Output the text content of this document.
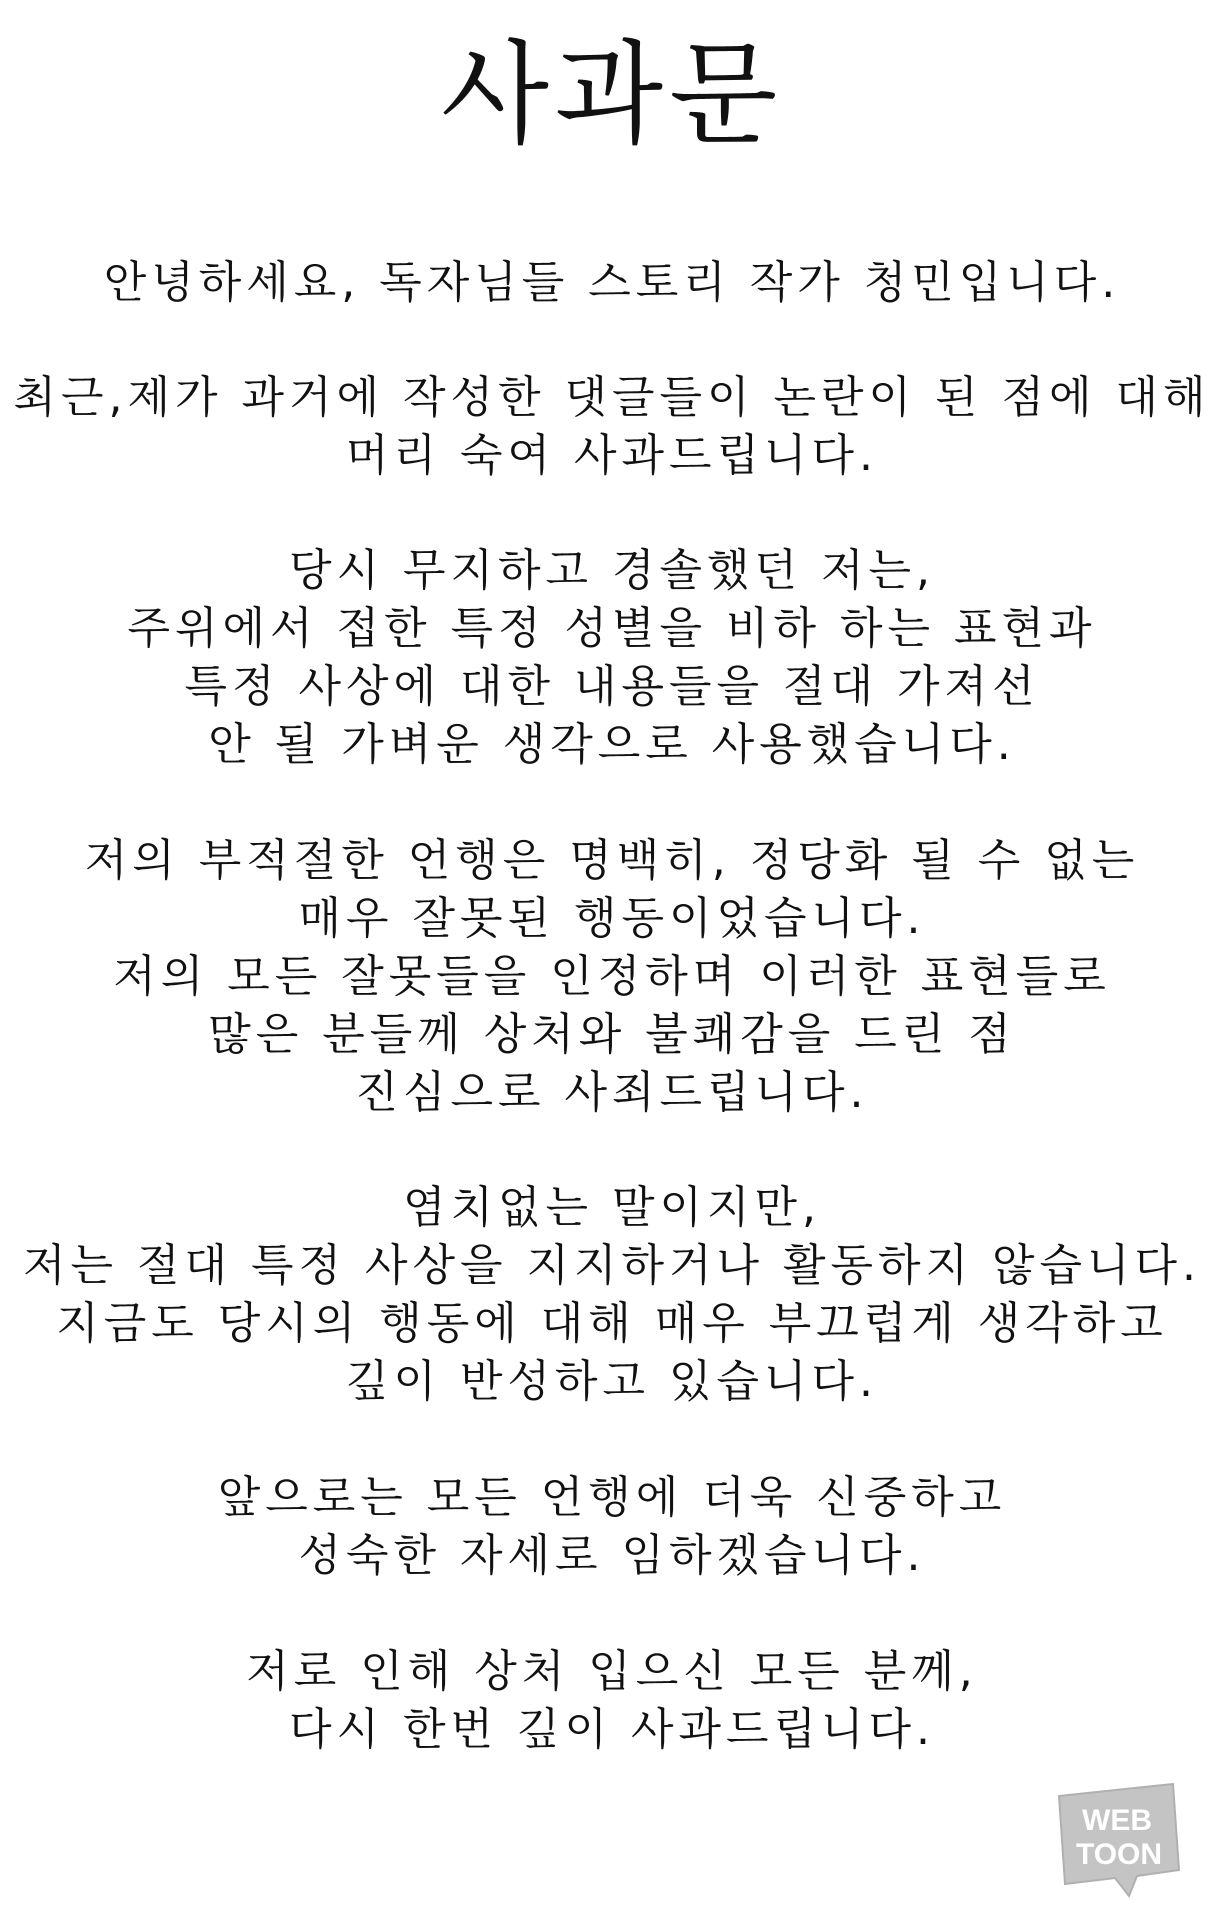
사과문

안녕하세요, 독자님들 스토리 작가 청민입니다.

최근,제가 과거에 작성한 댓글들이 논란이 된 점에 대해

머리 숙여 사과드립니다.

당시 무지하고 경솔했던 저는,

주위에서 접한 특정 성별을 비하 하는 표현과

특정 사상에 대한 내용들을 절대 가져선

안 될 가벼운 생각으로 사용했습니다.

저의 부적절한 언행은 명백히, 정당화 될 수 없는

매우 잘못된 행동이었습니다.

저의 모든 잘못들을 인정하며 이러한 표현들로

많은 분들께 상처와 불쾌감을 드린 점

진심으로 사죄드립니다.

염치없는 말이지만,

저는 절대 특정 사상을 지지하거나 활동하지 않습니다.

지금도 당시의 행동에 대해 매우 부끄럽게 생각하고

깊이 반성하고 있습니다.

앞으로는 모든 언행에 더욱 신중하고

성숙한 자세로 임하겠습니다.

저로 인해 상처 입으신 모든 분께,

다시 한번 깊이 사과드립니다.

WEB
TOON
